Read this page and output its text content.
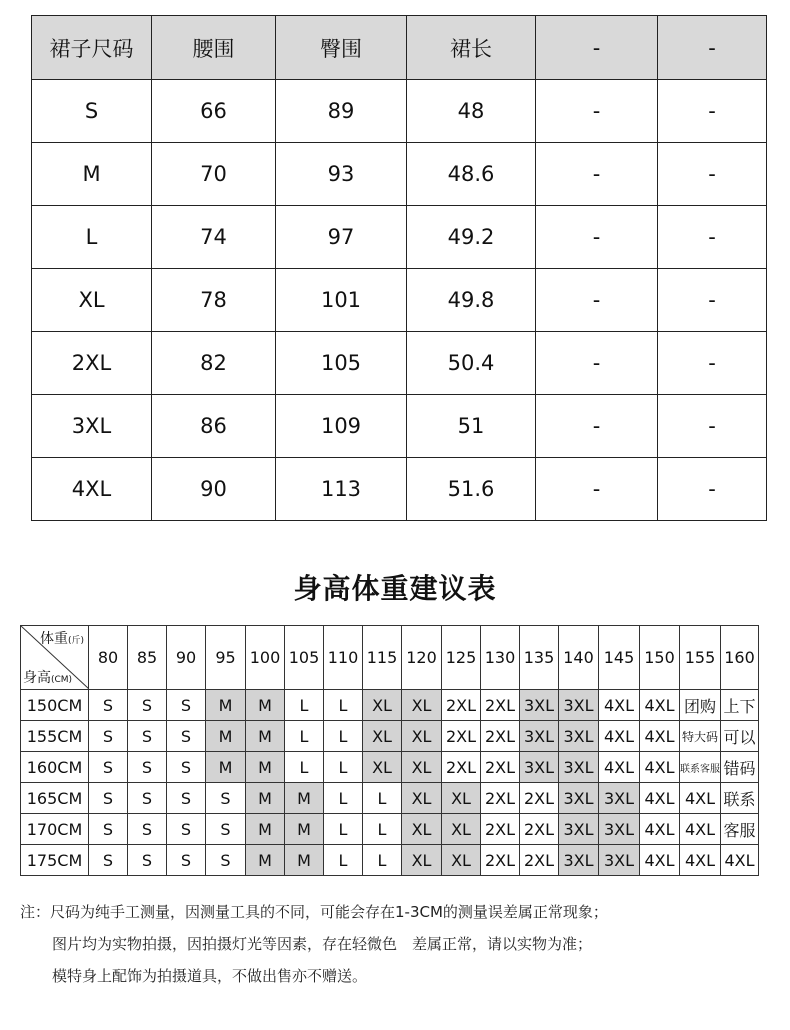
裙子尺码	腰围	臀围	裙长	-	-
S	66	89	48	-	-
M	70	93	48.6	-	-
L	74	97	49.2	-	-
XL	78	101	49.8	-	-
2XL	82	105	50.4	-	-
3XL	86	109	51	-	-
4XL	90	113	51.6	-	-
身高体重建议表
体重(斤)
身高(CM)	80	85	90	95	100	105	110	115	120	125	130	135	140	145	150	155	160
150CM	S	S	S	M	M	L	L	XL	XL	2XL	2XL	3XL	3XL	4XL	4XL	团购	上下
155CM	S	S	S	M	M	L	L	XL	XL	2XL	2XL	3XL	3XL	4XL	4XL	特大码	可以
160CM	S	S	S	M	M	L	L	XL	XL	2XL	2XL	3XL	3XL	4XL	4XL	联系客服	错码
165CM	S	S	S	S	M	M	L	L	XL	XL	2XL	2XL	3XL	3XL	4XL	4XL	联系
170CM	S	S	S	S	M	M	L	L	XL	XL	2XL	2XL	3XL	3XL	4XL	4XL	客服
175CM	S	S	S	S	M	M	L	L	XL	XL	2XL	2XL	3XL	3XL	4XL	4XL	4XL
注：尺码为纯手工测量，因测量工具的不同，可能会存在1-3CM的测量误差属正常现象；
图片均为实物拍摄，因拍摄灯光等因素，存在轻微色　差属正常，请以实物为准；
模特身上配饰为拍摄道具，不做出售亦不赠送。
